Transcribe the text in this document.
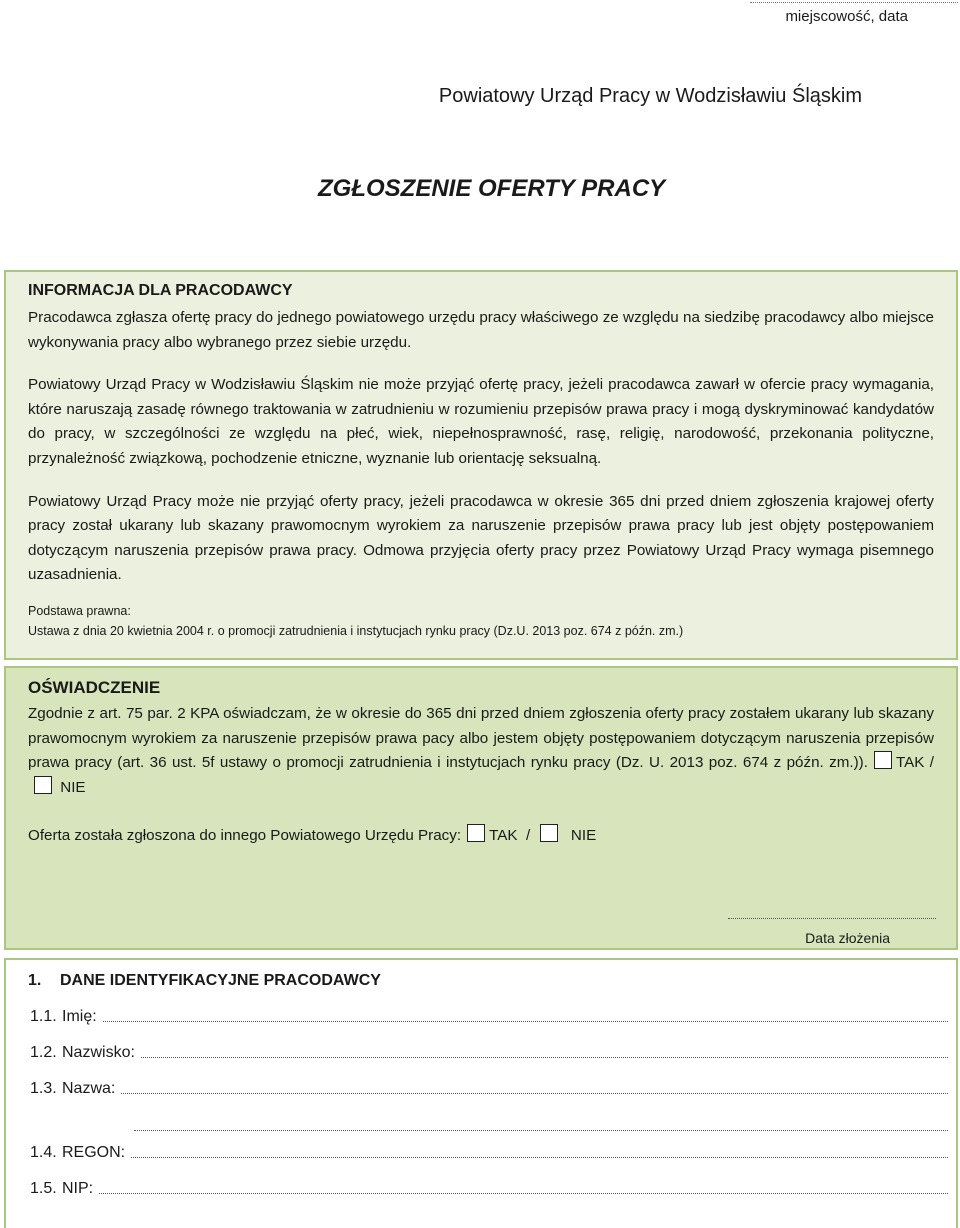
miejscowość, data
Powiatowy Urząd Pracy w Wodzisławiu Śląskim
ZGŁOSZENIE OFERTY PRACY
INFORMACJA DLA PRACODAWCY

Pracodawca zgłasza ofertę pracy do jednego powiatowego urzędu pracy właściwego ze względu na siedzibę pracodawcy albo miejsce wykonywania pracy albo wybranego przez siebie urzędu.

Powiatowy Urząd Pracy w Wodzisławiu Śląskim nie może przyjąć ofertę pracy, jeżeli pracodawca zawarł w ofercie pracy wymagania, które naruszają zasadę równego traktowania w zatrudnieniu w rozumieniu przepisów prawa pracy i mogą dyskryminować kandydatów do pracy, w szczególności ze względu na płeć, wiek, niepełnosprawność, rasę, religię, narodowość, przekonania polityczne, przynależność związkową, pochodzenie etniczne, wyznanie lub orientację seksualną.

Powiatowy Urząd Pracy może nie przyjąć oferty pracy, jeżeli pracodawca w okresie 365 dni przed dniem zgłoszenia krajowej oferty pracy został ukarany lub skazany prawomocnym wyrokiem za naruszenie przepisów prawa pracy lub jest objęty postępowaniem dotyczącym naruszenia przepisów prawa pracy. Odmowa przyjęcia oferty pracy przez Powiatowy Urząd Pracy wymaga pisemnego uzasadnienia.

Podstawa prawna:
Ustawa z dnia 20 kwietnia 2004 r. o promocji zatrudnienia i instytucjach rynku pracy (Dz.U. 2013 poz. 674 z późn. zm.)
OŚWIADCZENIE

Zgodnie z art. 75 par. 2 KPA oświadczam, że w okresie do 365 dni przed dniem zgłoszenia oferty pracy zostałem ukarany lub skazany prawomocnym wyrokiem za naruszenie przepisów prawa pacy albo jestem objęty postępowaniem dotyczącym naruszenia przepisów prawa pracy (art. 36 ust. 5f ustawy o promocji zatrudnienia i instytucjach rynku pracy (Dz. U. 2013 poz. 674 z późn. zm.)). TAK / NIE

Oferta została zgłoszona do innego Powiatowego Urzędu Pracy: TAK /	NIE
Data złożenia
1.	DANE IDENTYFIKACYJNE PRACODAWCY
1.1. Imię:
1.2. Nazwisko:
1.3. Nazwa:
1.4. REGON:
1.5. NIP:
